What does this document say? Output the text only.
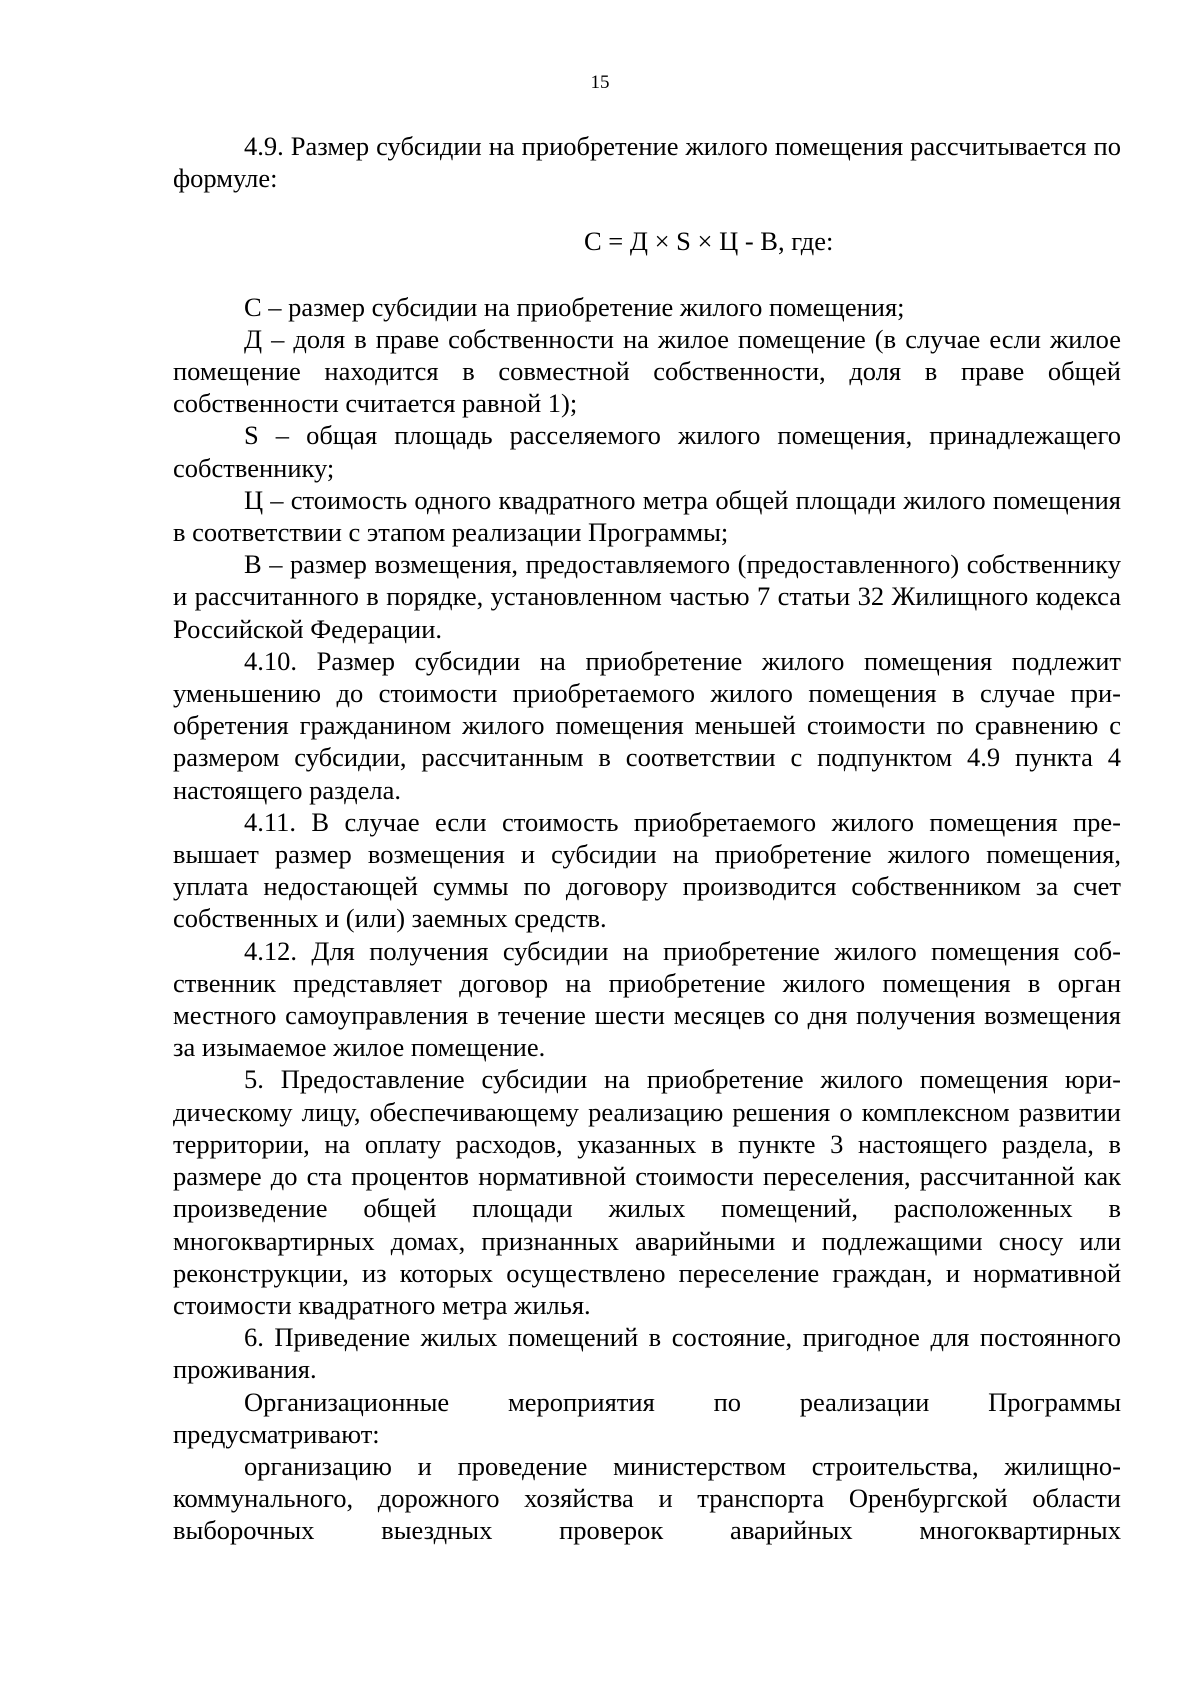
15

4.9. Размер субсидии на приобретение жилого помещения рассчитывается по формуле:

С = Д × S × Ц - В, где:

С – размер субсидии на приобретение жилого помещения;

Д – доля в праве собственности на жилое помещение (в случае если жилое помещение находится в совместной собственности, доля в праве общей собственности считается равной 1);

S – общая площадь расселяемого жилого помещения, принадлежащего собственнику;

Ц – стоимость одного квадратного метра общей площади жилого помещения в соответствии с этапом реализации Программы;

В – размер возмещения, предоставляемого (предоставленного) собственнику и рассчитанного в порядке, установленном частью 7 статьи 32 Жилищного кодекса Российской Федерации.

4.10. Размер субсидии на приобретение жилого помещения подлежит уменьшению до стоимости приобретаемого жилого помещения в случае приобретения гражданином жилого помещения меньшей стоимости по сравнению с размером субсидии, рассчитанным в соответствии с подпунктом 4.9 пункта 4 настоящего раздела.

4.11. В случае если стоимость приобретаемого жилого помещения превышает размер возмещения и субсидии на приобретение жилого помещения, уплата недостающей суммы по договору производится собственником за счет собственных и (или) заемных средств.

4.12. Для получения субсидии на приобретение жилого помещения собственник представляет договор на приобретение жилого помещения в орган местного самоуправления в течение шести месяцев со дня получения возмещения за изымаемое жилое помещение.

5. Предоставление субсидии на приобретение жилого помещения юридическому лицу, обеспечивающему реализацию решения о комплексном развитии территории, на оплату расходов, указанных в пункте 3 настоящего раздела, в размере до ста процентов нормативной стоимости переселения, рассчитанной как произведение общей площади жилых помещений, расположенных в многоквартирных домах, признанных аварийными и подлежащими сносу или реконструкции, из которых осуществлено переселение граждан, и нормативной стоимости квадратного метра жилья.

6. Приведение жилых помещений в состояние, пригодное для постоянного проживания.

Организационные мероприятия по реализации Программы предусматривают:

организацию и проведение министерством строительства, жилищно-коммунального, дорожного хозяйства и транспорта Оренбургской области выборочных выездных проверок аварийных многоквартирных
